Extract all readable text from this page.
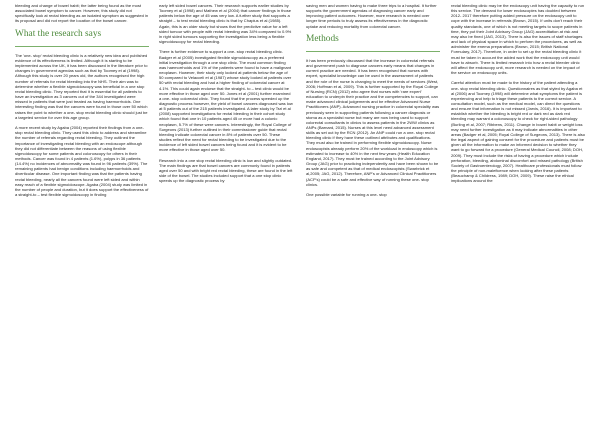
bleeding and change of bowel habit; the latter being found as the most associated bowel symptom to cancer. However, this study did not specifically look at rectal bleeding as an isolated symptom as suggested in its proposal and did not report the location of the bowel cancer.

What the research says

The 'one- stop' rectal bleeding clinic is a relatively new idea and published evidence of its effectiveness is limited. Although it is starting to be implemented across the UK, it has been discussed in the literature prior to changes in government agendas such as that by Toomey et al (1998). Although this study is over 20 years old, the authors recognised the high number of referrals for rectal bleeding into the NHS. Their aim was to determine whether a flexible sigmoidoscopy was beneficial in a one stop rectal bleeding clinic. They reported that it is essential for all patients to have an investigation as 3 cancers out of the 344 investigated were missed in patients that were just treated as having haemorrhoids. One interesting finding was that the cancers were found in those over 50 which raises the point to whether a one- stop rectal bleeding clinic should just be a targeted service for over this age group.

A more recent study by Agaba (2004) reported their findings from a one-stop rectal bleeding clinic. They used this clinic to address and streamline the number of referrals regarding rectal bleeding. They outlined the importance of investigating rectal bleeding with an endoscope although they did not differentiate between the reasons of using flexible sigmoidoscopy for some patients and colonoscopy for others in their methods. Cancer was found in 4 patients (1.6%), polyps in 36 patients (14.4%) no incidences of abnormality was found in 96 patients (39%). The remaining patients had benign conditions including haemorrhoids and diverticular disease. One important finding was that the patients having rectal bleeding, nearly all the cancers found were left sided and within easy reach of a flexible sigmoidoscope. Agaba (2004) study was limited in the number of people and duration, but it does support the effectiveness of a straight-to – test flexible sigmoidoscopy in finding

early left sided bowel cancers. Their research supports earlier studies by Toomey et al (1998) and Mathew et al (2004) that cancer findings in those patients below the age of 45 was very low. A further study that supports a straight – to test rectal bleeding clinic is that by Chapius et al (1985). Again, this is an older study but shows that the predictive value for a left sided tumour with people with rectal bleeding was 34% compared to 0.9% in right sided tumours supporting the investigation less being a flexible sigmoidoscopy for rectal bleeding.

There is further evidence to support a one- stop rectal bleeding clinic. Badger et al (2005) investigated flexible sigmoidoscopy as a preferred initial investigation through a one stop clinic. The most common finding was haemorrhoids and 1% of the patients were found to have a malignant neoplasm. However, their study only looked at patients below the age of 50 compared to Velacceli et al (1987) whose study looked at patients over 50 with rectal bleeding and had a higher finding of colorectal cancer at 4.1%. This could again endorse that the straight- to – test clinic would be more effective in those aged over 50. Jones et al (2001) further examined a one- stop colorectal clinic. They found that the process speeded up the diagnostic process however, the yield of bowel cancers diagnosed was low at 5 patients out of the 215 patients investigated. A later study by Tsri et al (2008) supported investigations for rectal bleeding in their cohort study which found that one in 10 patients aged 45 or more had a colonic neoplasm, 5.7% of these were cancers. Interestingly, the Royal College of Surgeons (2013) further outlined in their commissioner guide that rectal bleeding indicate colorectal cancer in 8% of patients over 50. These studies reflect the need for rectal bleeding to be investigated due to the incidence of left sided bowel cancers being found and it is evident to be more effective in those aged over 50.

Research into a one stop rectal bleeding clinic is low and slightly outdated. The main findings are that bowel cancers are commonly found in patients aged over 50 and with bright red rectal bleeding, these are found in the left side of the bowel. The studies included support that a one stop clinic speeds up the diagnostic process by

saving men and women having to make three trips to a hospital. It further supports the government agendas of diagnosing cancer early and improving patient outcomes. However, more research is needed over longer time periods to truly assess its effectiveness in the diagnostic uptake and reducing mortality from colorectal cancer.

Methods

It has been previously discussed that the increase in colorectal referrals and government push to diagnose cancers early means that changes in current practice are needed. It has been recognised that nurses with expert, specialist knowledge can be used in the assessment of patients and the role of the nurse is changing to meet the needs of services (West, 2006; Hoffman et al, 2009). This is further supported by the Royal College of Nursing (RCN) (2012) who agree that nurses with 'rare expert' education to underpin their practice and the competencies to support, can make advanced clinical judgements and be effective Advanced Nurse Practitioners (ANP). Advanced nursing practice in colorectal speciality was previously seen in supporting patients following a cancer diagnosis or stoma as a specialist nurse but many are now being used to support colorectal consultants in clinics to assess patients in the 2WW clinics as ANPs (Barnard, 2015). Nurses at this level need advanced assessment skills as set out by the RCN (2012). An ANP could run a one- stop rectal bleeding clinic if they have these outlined attributes and qualifications. They must also be trained in performing flexible sigmoidoscopy. Nurse endoscopists already perform 20% of the workload in endoscopy which is estimated to increase to 40% in the next few years (Health Education England, 2017). They must be trained according to the Joint Advisory Group (JAG) prior to practicing independently and have been shown to be as safe and competent as that of medical endoscopists (Swarbrick et al,2005; JAG, 2012). Therefore, ANP's or Advanced Clinical Practitioners (ACP's) could be a safe and effective way of running these one- stop clinics.

One possible variable for running a one- stop

rectal bleeding clinic may be the endoscopy unit having the capacity to run this service. The demand for lower endoscopies has doubled between 2012- 2017 therefore putting added pressure on the endoscopy unit to cope with the increase in referrals (Brown, 2015). If units don't reach their quality standards, one of which is not meeting targets to scope patients in time, they put their Joint Advisory Group (JAG) accreditation at risk and may also be fined (JAG, 2013). There is also the issues of staff shortages and lack of physical space in which to perform the procedures, as well as administer the enema preparations (Brown, 2015; British National Formulary, 2017). Therefore, in order to set up the rectal bleeding clinic it must be taken in account the added work that the endoscopy unit would have to absorb. There is limited research into how a rectal bleeder clinic will affect the endoscopy unit, more research is needed on the impact of the service on endoscopy units.

Careful attention must be made to the history of the patient attending a one- stop rectal bleeding clinic. Questionnaires as that styled by Agaba et al (2006) and Toomey (1998) will determine what symptoms the patient is experiencing and help to triage these patients to the correct service. A consultation model, such as the medical model, can direct the questions and ensure that information is not missed (Jarvis, 2016). It is important to establish whether the bleeding is bright red or dark red as dark red bleeding may warrant a colonoscopy to check for right-sided pathology (Burling et al, 2007; Ribbens, 2011). Change in bowel habit or weight loss may need further investigation as it may indicate abnormalities in other areas (Badger et al, 2005; Royal College of Surgeons, 2013). There is also the legal aspect of gaining consent for the procedure and patients must be given all the information to make an informed decision to whether they want to go forward for a procedure (General Medical Council, 2008; DOH, 2009). They must include the risks of having a procedure which include perforation, bleeding, abdominal discomfort and missed pathology (British Society of Gastroenterology, 2007). Healthcare professionals must follow the principle of non-maleficence when looking after these patients (Beauchamp & Childress, 1989; DOH, 2009). These raise the ethical implications around the
